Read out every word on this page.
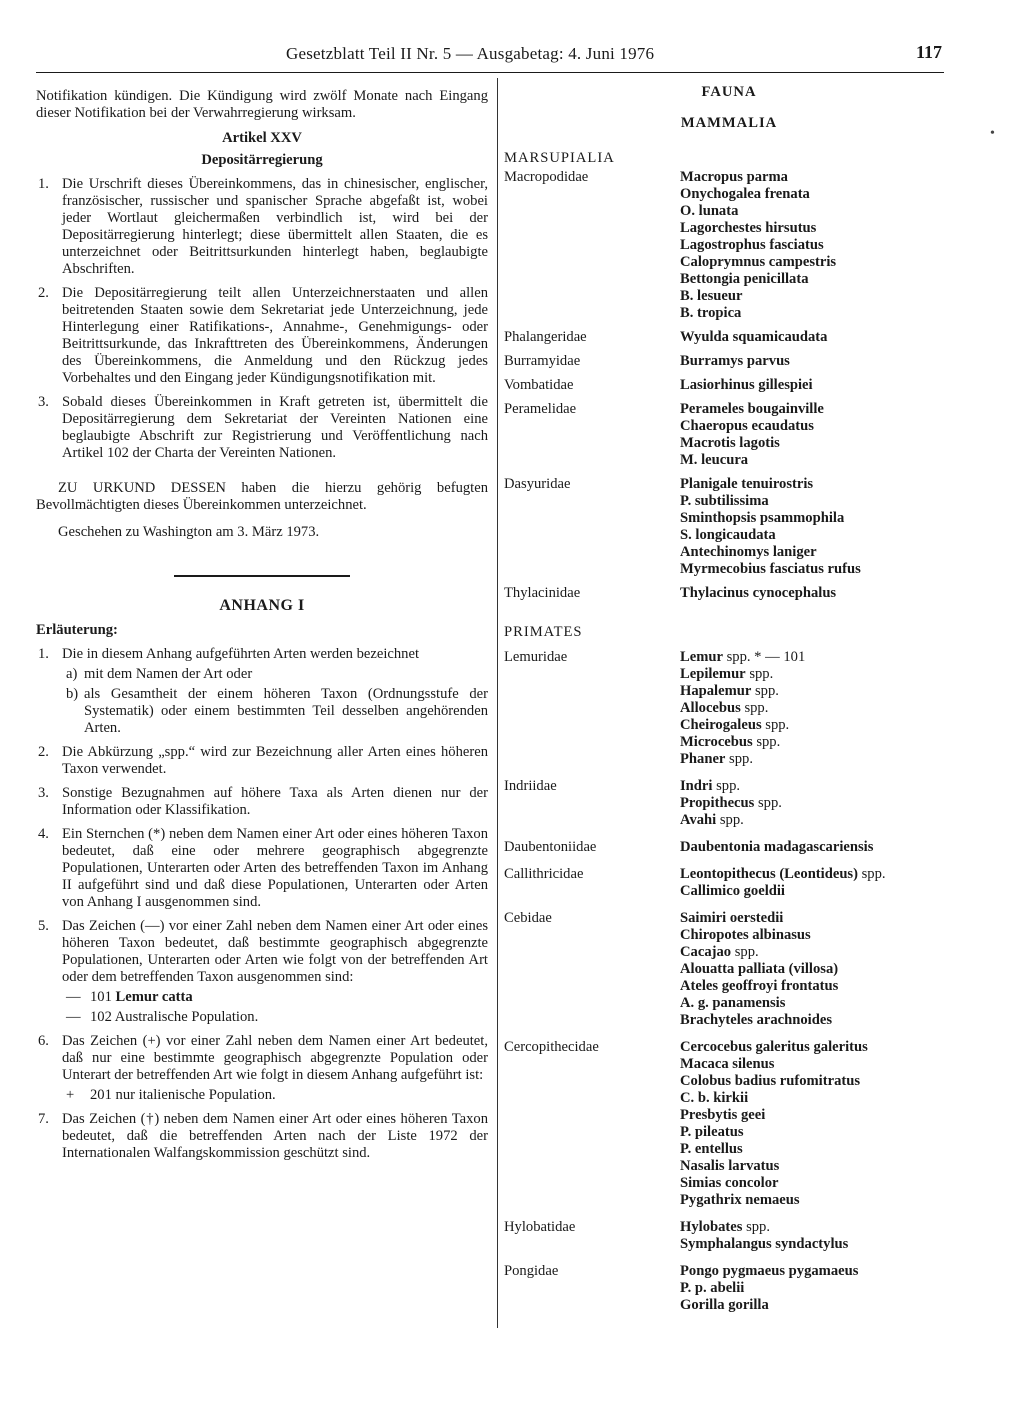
Gesetzblatt Teil II Nr. 5 — Ausgabetag: 4. Juni 1976	117

Notifikation kündigen. Die Kündigung wird zwölf Monate nach Eingang dieser Notifikation bei der Verwahrregierung wirksam.

Artikel XXV

Depositärregierung

1. Die Urschrift dieses Übereinkommens, das in chinesischer, englischer, französischer, russischer und spanischer Sprache abgefaßt ist, wobei jeder Wortlaut gleichermaßen verbindlich ist, wird bei der Depositärregierung hinterlegt; diese übermittelt allen Staaten, die es unterzeichnet oder Beitrittsurkunden hinterlegt haben, beglaubigte Abschriften.

2. Die Depositärregierung teilt allen Unterzeichnerstaaten und allen beitretenden Staaten sowie dem Sekretariat jede Unterzeichnung, jede Hinterlegung einer Ratifikations-, Annahme-, Genehmigungs- oder Beitrittsurkunde, das Inkrafttreten des Übereinkommens, Änderungen des Übereinkommens, die Anmeldung und den Rückzug jedes Vorbehaltes und den Eingang jeder Kündigungsnotifikation mit.

3. Sobald dieses Übereinkommen in Kraft getreten ist, übermittelt die Depositärregierung dem Sekretariat der Vereinten Nationen eine beglaubigte Abschrift zur Registrierung und Veröffentlichung nach Artikel 102 der Charta der Vereinten Nationen.

ZU URKUND DESSEN haben die hierzu gehörig befugten Bevollmächtigten dieses Übereinkommen unterzeichnet.

Geschehen zu Washington am 3. März 1973.

ANHANG I

Erläuterung:

1. Die in diesem Anhang aufgeführten Arten werden bezeichnet

a) mit dem Namen der Art oder

b) als Gesamtheit der einem höheren Taxon (Ordnungsstufe der Systematik) oder einem bestimmten Teil desselben angehörenden Arten.

2. Die Abkürzung „spp.“ wird zur Bezeichnung aller Arten eines höheren Taxon verwendet.

3. Sonstige Bezugnahmen auf höhere Taxa als Arten dienen nur der Information oder Klassifikation.

4. Ein Sternchen (*) neben dem Namen einer Art oder eines höheren Taxon bedeutet, daß eine oder mehrere geographisch abgegrenzte Populationen, Unterarten oder Arten des betreffenden Taxon im Anhang II aufgeführt sind und daß diese Populationen, Unterarten oder Arten von Anhang I ausgenommen sind.

5. Das Zeichen (—) vor einer Zahl neben dem Namen einer Art oder eines höheren Taxon bedeutet, daß bestimmte geographisch abgegrenzte Populationen, Unterarten oder Arten wie folgt von der betreffenden Art oder dem betreffenden Taxon ausgenommen sind:

— 101 Lemur catta

— 102 Australische Population.

6. Das Zeichen (+) vor einer Zahl neben dem Namen einer Art bedeutet, daß nur eine bestimmte geographisch abgegrenzte Population oder Unterart der betreffenden Art wie folgt in diesem Anhang aufgeführt ist:

+ 201 nur italienische Population.

7. Das Zeichen (†) neben dem Namen einer Art oder eines höheren Taxon bedeutet, daß die betreffenden Arten nach der Liste 1972 der Internationalen Walfangskommission geschützt sind.

FAUNA
MAMMALIA
MARSUPIALIA
Macropodidae	Macropus parma
Onychogalea frenata
O. lunata
Lagorchestes hirsutus
Lagostrophus fasciatus
Caloprymnus campestris
Bettongia penicillata
B. lesueur
B. tropica
Phalangeridae	Wyulda squamicaudata
Burramyidae	Burramys parvus
Vombatidae	Lasiorhinus gillespiei
Peramelidae	Perameles bougainville
Chaeropus ecaudatus
Macrotis lagotis
M. leucura
Dasyuridae	Planigale tenuirostris
P. subtilissima
Sminthopsis psammophila
S. longicaudata
Antechinomys laniger
Myrmecobius fasciatus rufus
Thylacinidae	Thylacinus cynocephalus
PRIMATES
Lemuridae	Lemur spp. * — 101
Lepilemur spp.
Hapalemur spp.
Allocebus spp.
Cheirogaleus spp.
Microcebus spp.
Phaner spp.
Indriidae	Indri spp.
Propithecus spp.
Avahi spp.
Daubentoniidae	Daubentonia madagascariensis
Callithricidae	Leontopithecus (Leontideus) spp.
Callimico goeldii
Cebidae	Saimiri oerstedii
Chiropotes albinasus
Cacajao spp.
Alouatta palliata (villosa)
Ateles geoffroyi frontatus
A. g. panamensis
Brachyteles arachnoides
Cercopithecidae	Cercocebus galeritus galeritus
Macaca silenus
Colobus badius rufomitratus
C. b. kirkii
Presbytis geei
P. pileatus
P. entellus
Nasalis larvatus
Simias concolor
Pygathrix nemaeus
Hylobatidae	Hylobates spp.
Symphalangus syndactylus
Pongidae	Pongo pygmaeus pygamaeus
P. p. abelii
Gorilla gorilla
•
